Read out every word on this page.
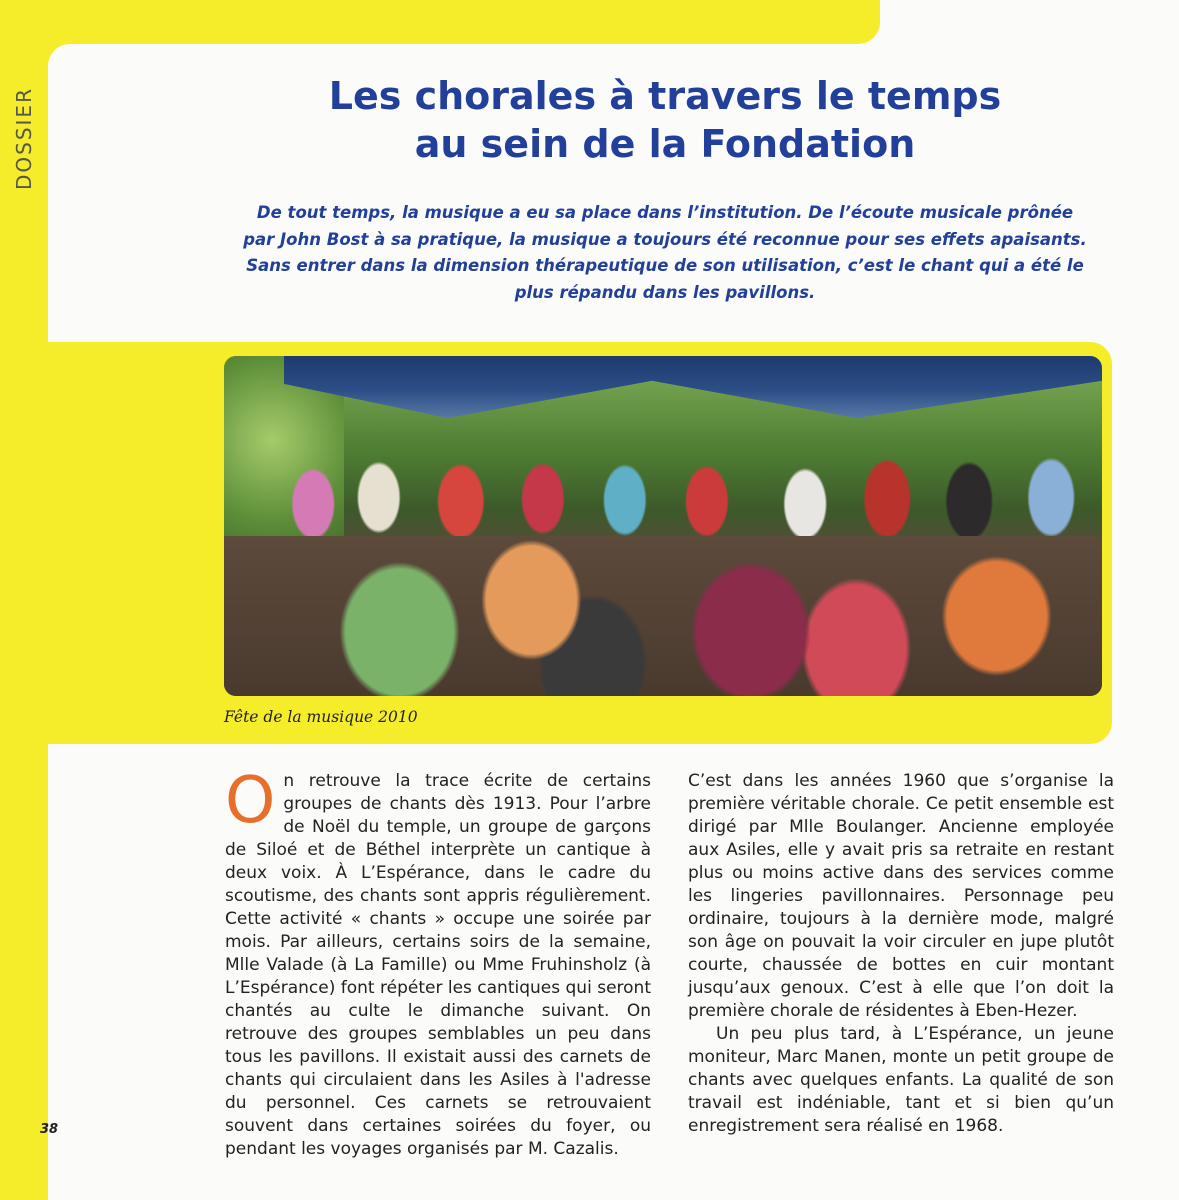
Les chorales à travers le temps
au sein de la Fondation

De tout temps, la musique a eu sa place dans l’institution. De l’écoute musicale prônée par John Bost à sa pratique, la musique a toujours été reconnue pour ses effets apaisants. Sans entrer dans la dimension thérapeutique de son utilisation, c’est le chant qui a été le plus répandu dans les pavillons.

Fête de la musique 2010

On retrouve la trace écrite de certains groupes de chants dès 1913. Pour l’arbre de Noël du temple, un groupe de garçons de Siloé et de Béthel interprète un cantique à deux voix. À L’Espérance, dans le cadre du scoutisme, des chants sont appris régulièrement. Cette activité « chants » occupe une soirée par mois. Par ailleurs, certains soirs de la semaine, Mlle Valade (à La Famille) ou Mme Fruhinsholz (à L’Espérance) font répéter les cantiques qui seront chantés au culte le dimanche suivant. On retrouve des groupes semblables un peu dans tous les pavillons. Il existait aussi des carnets de chants qui circulaient dans les Asiles à l'adresse du personnel. Ces carnets se retrouvaient souvent dans certaines soirées du foyer, ou pendant les voyages organisés par M. Cazalis.

C’est dans les années 1960 que s’organise la première véritable chorale. Ce petit ensemble est dirigé par Mlle Boulanger. Ancienne employée aux Asiles, elle y avait pris sa retraite en restant plus ou moins active dans des services comme les lingeries pavillonnaires. Personnage peu ordinaire, toujours à la dernière mode, malgré son âge on pouvait la voir circuler en jupe plutôt courte, chaussée de bottes en cuir montant jusqu’aux genoux. C’est à elle que l’on doit la première chorale de résidentes à Eben-Hezer.

Un peu plus tard, à L’Espérance, un jeune moniteur, Marc Manen, monte un petit groupe de chants avec quelques enfants. La qualité de son travail est indéniable, tant et si bien qu’un enregistrement sera réalisé en 1968.

38
